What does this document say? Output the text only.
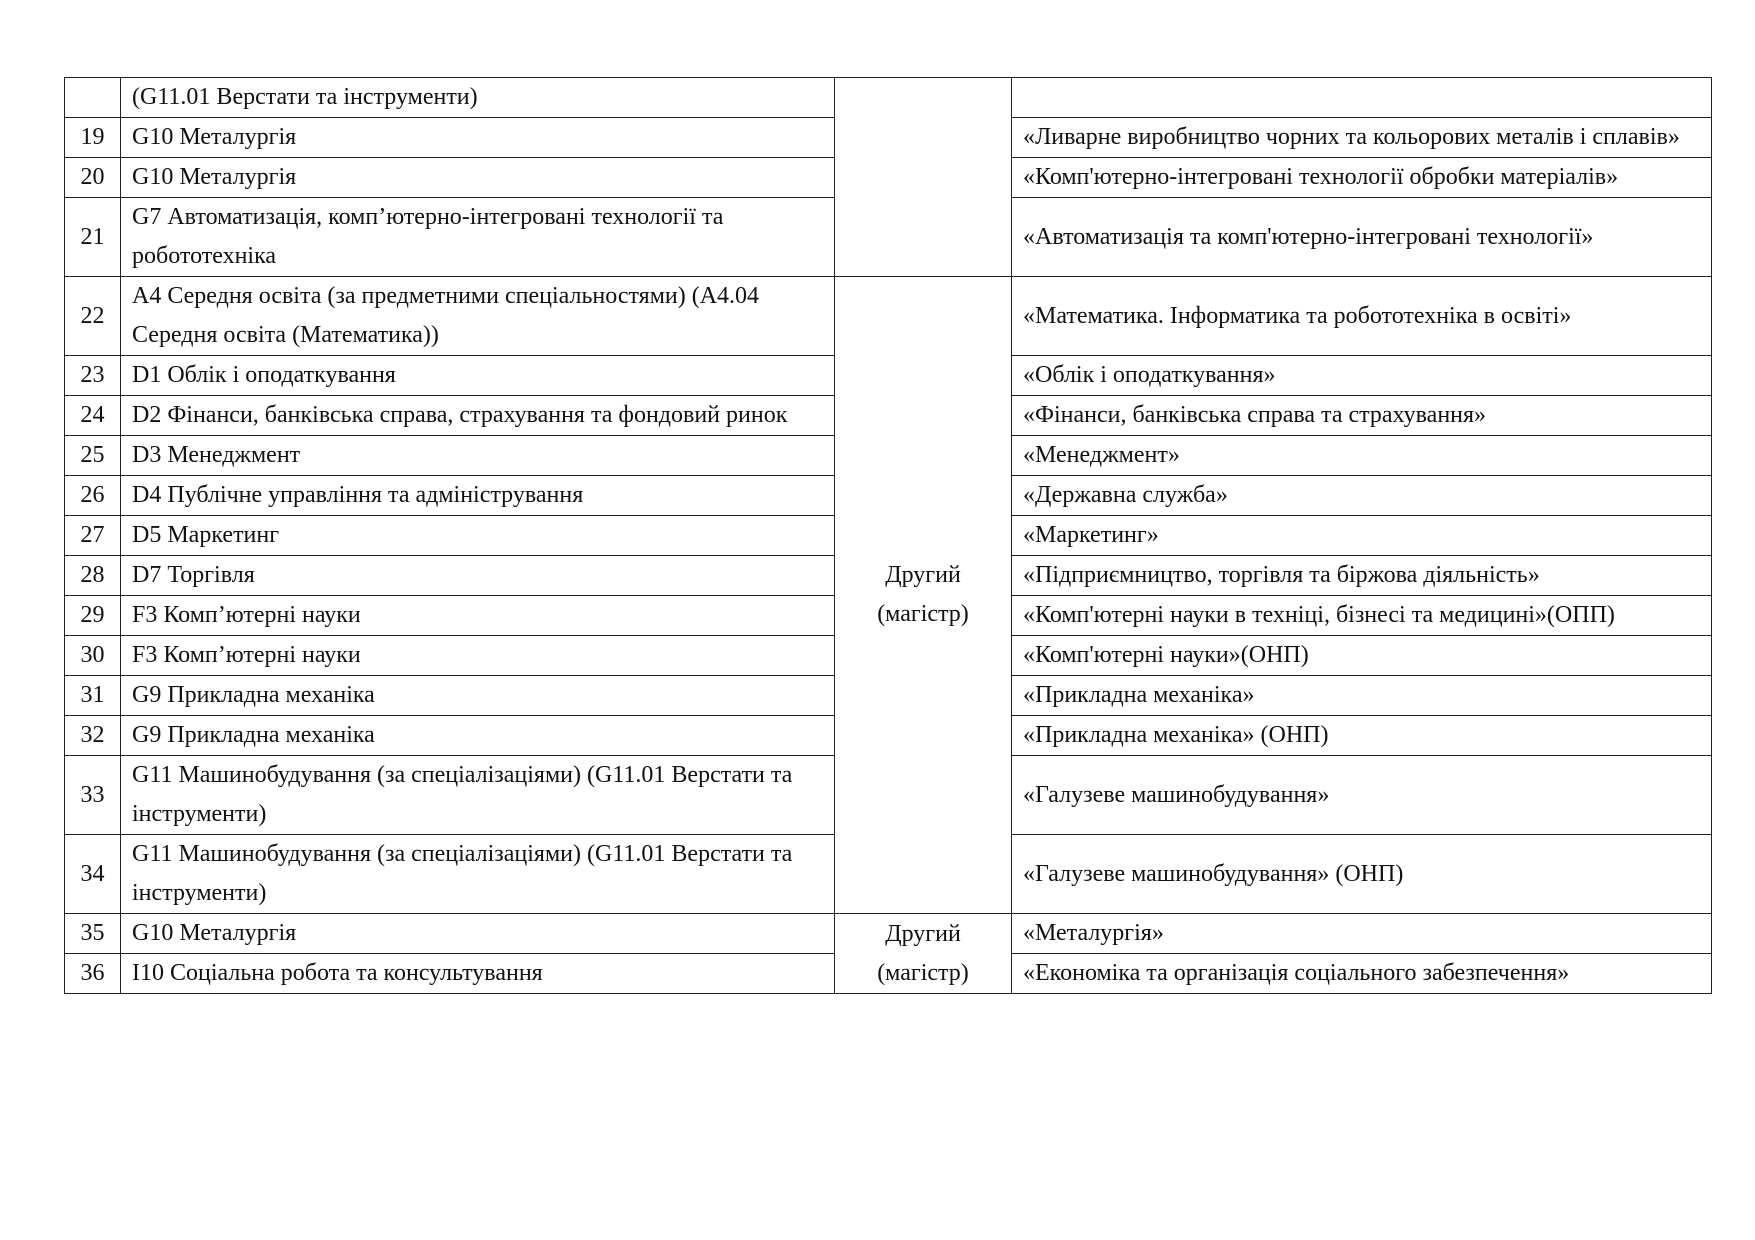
	(G11.01 Верстати та інструменти)		
19	G10 Металургія		«Ливарне виробництво чорних та кольорових металів і сплавів»
20	G10 Металургія		«Комп'ютерно-інтегровані технології обробки матеріалів»
21	G7 Автоматизація, комп’ютерно-інтегровані технології та робототехніка		«Автоматизація та комп'ютерно-інтегровані технології»
22	A4 Середня освіта (за предметними спеціальностями) (A4.04 Середня освіта (Математика))	Другий (магістр)	«Математика. Інформатика та робототехніка в освіті»
23	D1 Облік і оподаткування		«Облік і оподаткування»
24	D2 Фінанси, банківська справа, страхування та фондовий ринок		«Фінанси, банківська справа та страхування»
25	D3 Менеджмент		«Менеджмент»
26	D4 Публічне управління та адміністрування		«Державна служба»
27	D5 Маркетинг		«Маркетинг»
28	D7 Торгівля		«Підприємництво, торгівля та біржова діяльність»
29	F3 Комп’ютерні науки		«Комп'ютерні науки в техніці, бізнесі та медицині»(ОПП)
30	F3 Комп’ютерні науки		«Комп'ютерні науки»(ОНП)
31	G9 Прикладна механіка		«Прикладна механіка»
32	G9 Прикладна механіка		«Прикладна механіка» (ОНП)
33	G11 Машинобудування (за спеціалізаціями) (G11.01 Верстати та інструменти)		«Галузеве машинобудування»
34	G11 Машинобудування (за спеціалізаціями) (G11.01 Верстати та інструменти)		«Галузеве машинобудування» (ОНП)
35	G10 Металургія	Другий (магістр)	«Металургія»
36	I10 Соціальна робота та консультування		«Економіка та організація соціального забезпечення»
